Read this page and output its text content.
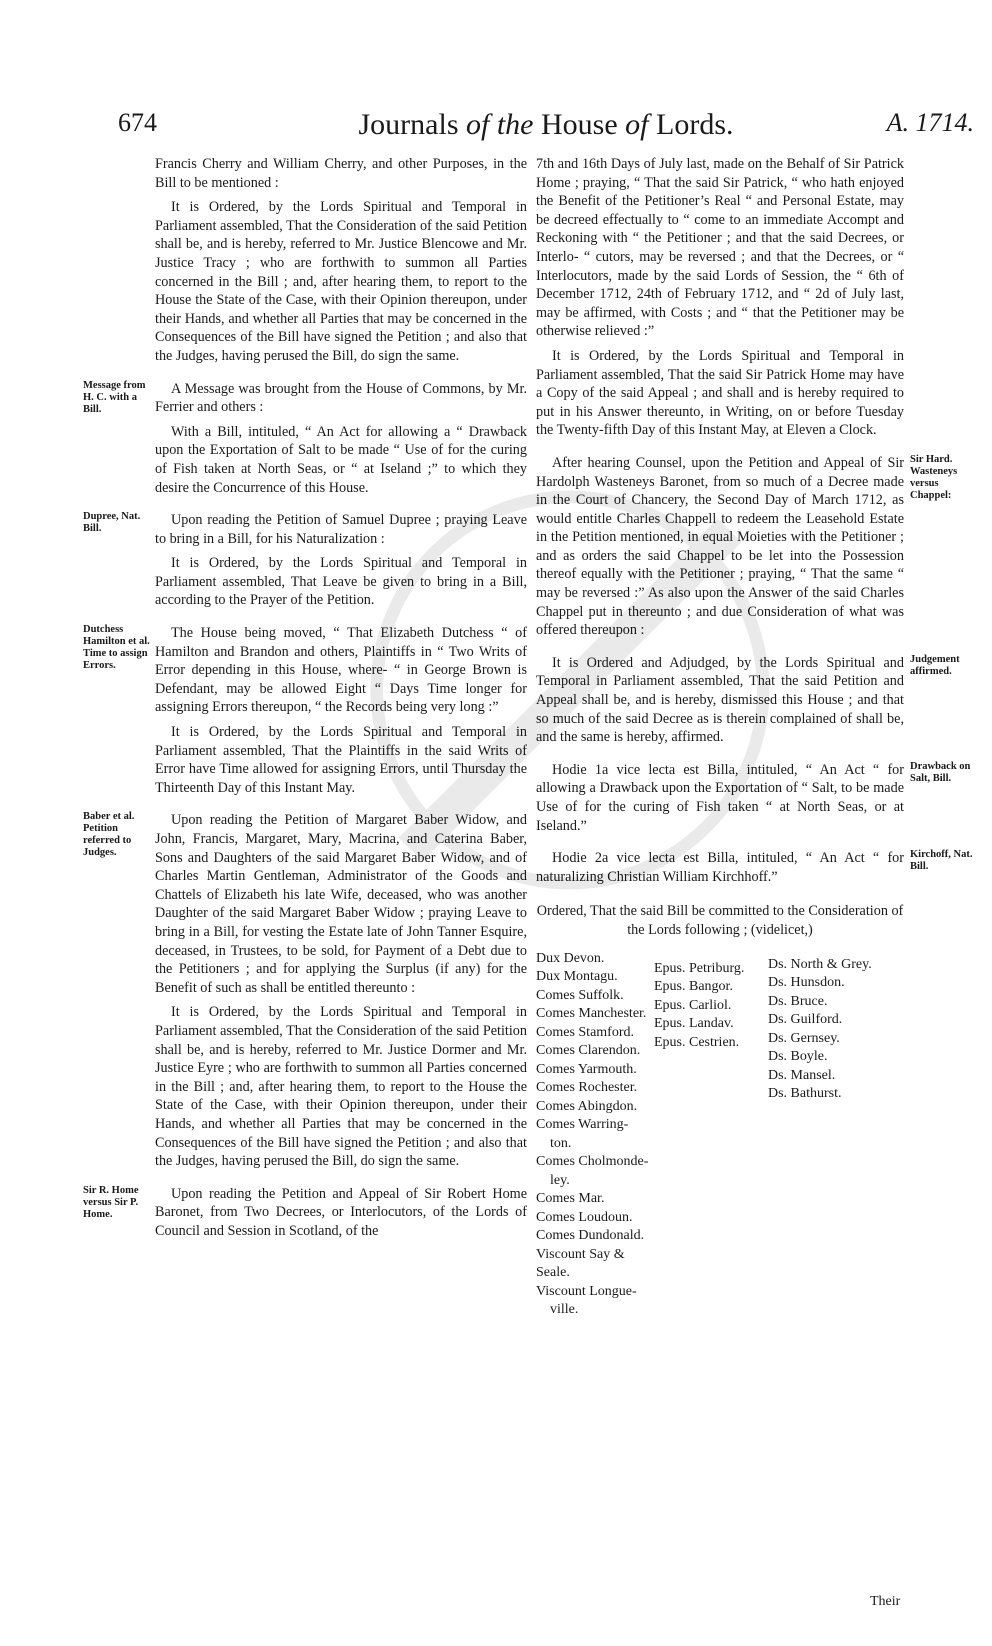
674	Journals of the House of Lords.	A. 1714.

Francis Cherry and William Cherry, and other Purposes, in the Bill to be mentioned :

It is Ordered, by the Lords Spiritual and Temporal in Parliament assembled, That the Consideration of the said Petition shall be, and is hereby, referred to Mr. Justice Blencowe and Mr. Justice Tracy ; who are forthwith to summon all Parties concerned in the Bill ; and, after hearing them, to report to the House the State of the Case, with their Opinion thereupon, under their Hands, and whether all Parties that may be concerned in the Consequences of the Bill have signed the Petition ; and also that the Judges, having perused the Bill, do sign the same.

Message from H. C. with a Bill.

A Message was brought from the House of Commons, by Mr. Ferrier and others :

With a Bill, intituled, “ An Act for allowing a “ Drawback upon the Exportation of Salt to be made “ Use of for the curing of Fish taken at North Seas, or “ at Iseland ;” to which they desire the Concurrence of this House.

Dupree, Nat. Bill.

Upon reading the Petition of Samuel Dupree ; praying Leave to bring in a Bill, for his Naturalization :

It is Ordered, by the Lords Spiritual and Temporal in Parliament assembled, That Leave be given to bring in a Bill, according to the Prayer of the Petition.

Dutchess Hamilton et al. Time to assign Errors.

The House being moved, “ That Elizabeth Dutchess “ of Hamilton and Brandon and others, Plaintiffs in “ Two Writs of Error depending in this House, where- “ in George Brown is Defendant, may be allowed Eight “ Days Time longer for assigning Errors thereupon, “ the Records being very long :”

It is Ordered, by the Lords Spiritual and Temporal in Parliament assembled, That the Plaintiffs in the said Writs of Error have Time allowed for assigning Errors, until Thursday the Thirteenth Day of this Instant May.

Baber et al. Petition referred to Judges.

Upon reading the Petition of Margaret Baber Widow, and John, Francis, Margaret, Mary, Macrina, and Caterina Baber, Sons and Daughters of the said Margaret Baber Widow, and of Charles Martin Gentleman, Administrator of the Goods and Chattels of Elizabeth his late Wife, deceased, who was another Daughter of the said Margaret Baber Widow ; praying Leave to bring in a Bill, for vesting the Estate late of John Tanner Esquire, deceased, in Trustees, to be sold, for Payment of a Debt due to the Petitioners ; and for applying the Surplus (if any) for the Benefit of such as shall be entitled thereunto :

It is Ordered, by the Lords Spiritual and Temporal in Parliament assembled, That the Consideration of the said Petition shall be, and is hereby, referred to Mr. Justice Dormer and Mr. Justice Eyre ; who are forthwith to summon all Parties concerned in the Bill ; and, after hearing them, to report to the House the State of the Case, with their Opinion thereupon, under their Hands, and whether all Parties that may be concerned in the Consequences of the Bill have signed the Petition ; and also that the Judges, having perused the Bill, do sign the same.

Sir R. Home versus Sir P. Home.

Upon reading the Petition and Appeal of Sir Robert Home Baronet, from Two Decrees, or Interlocutors, of the Lords of Council and Session in Scotland, of the

7th and 16th Days of July last, made on the Behalf of Sir Patrick Home ; praying, “ That the said Sir Patrick, “ who hath enjoyed the Benefit of the Petitioner’s Real “ and Personal Estate, may be decreed effectually to “ come to an immediate Accompt and Reckoning with “ the Petitioner ; and that the said Decrees, or Interlo- “ cutors, may be reversed ; and that the Decrees, or “ Interlocutors, made by the said Lords of Session, the “ 6th of December 1712, 24th of February 1712, and “ 2d of July last, may be affirmed, with Costs ; and “ that the Petitioner may be otherwise relieved :”

It is Ordered, by the Lords Spiritual and Temporal in Parliament assembled, That the said Sir Patrick Home may have a Copy of the said Appeal ; and shall and is hereby required to put in his Answer thereunto, in Writing, on or before Tuesday the Twenty-fifth Day of this Instant May, at Eleven a Clock.

Sir Hard. Wasteneys versus Chappel:

After hearing Counsel, upon the Petition and Appeal of Sir Hardolph Wasteneys Baronet, from so much of a Decree made in the Court of Chancery, the Second Day of March 1712, as would entitle Charles Chappell to redeem the Leasehold Estate in the Petition mentioned, in equal Moieties with the Petitioner ; and as orders the said Chappel to be let into the Possession thereof equally with the Petitioner ; praying, “ That the same “ may be reversed :” As also upon the Answer of the said Charles Chappel put in thereunto ; and due Consideration of what was offered thereupon :

Judgement affirmed.

It is Ordered and Adjudged, by the Lords Spiritual and Temporal in Parliament assembled, That the said Petition and Appeal shall be, and is hereby, dismissed this House ; and that so much of the said Decree as is therein complained of shall be, and the same is hereby, affirmed.

Drawback on Salt, Bill.

Hodie 1a vice lecta est Billa, intituled, “ An Act “ for allowing a Drawback upon the Exportation of “ Salt, to be made Use of for the curing of Fish taken “ at North Seas, or at Iseland.”

Kirchoff, Nat. Bill.

Hodie 2a vice lecta est Billa, intituled, “ An Act “ for naturalizing Christian William Kirchhoff.”

Ordered, That the said Bill be committed to the Consideration of the Lords following ; (videlicet,)

Dux Devon.
Dux Montagu.
Comes Suffolk.
Comes Manchester.
Comes Stamford.
Comes Clarendon.
Comes Yarmouth.
Comes Rochester.
Comes Abingdon.
Comes Warring-
ton.
Comes Cholmonde-
ley.
Comes Mar.
Comes Loudoun.
Comes Dundonald.
Viscount Say &
Seale.
Viscount Longue-
ville.
Epus. Petriburg.
Epus. Bangor.
Epus. Carliol.
Epus. Landav.
Epus. Cestrien.
Ds. North & Grey.
Ds. Hunsdon.
Ds. Bruce.
Ds. Guilford.
Ds. Gernsey.
Ds. Boyle.
Ds. Mansel.
Ds. Bathurst.
Their
